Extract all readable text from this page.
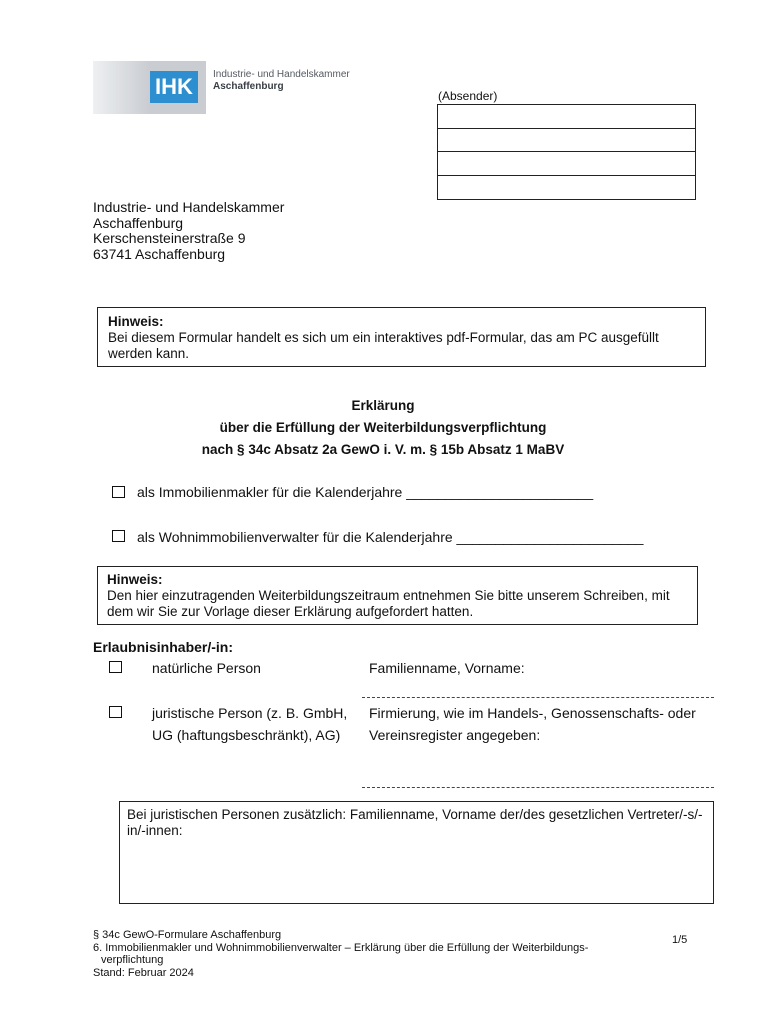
IHK	Industrie- und Handelskammer
Aschaffenburg
(Absender)
Industrie- und Handelskammer
Aschaffenburg
Kerschensteinerstraße 9
63741 Aschaffenburg
Hinweis:
Bei diesem Formular handelt es sich um ein interaktives pdf-Formular, das am PC ausgefüllt werden kann.
Erklärung
über die Erfüllung der Weiterbildungsverpflichtung
nach § 34c Absatz 2a GewO i. V. m. § 15b Absatz 1 MaBV
als Immobilienmakler für die Kalenderjahre ________________________
als Wohnimmobilienverwalter für die Kalenderjahre ________________________
Hinweis:
Den hier einzutragenden Weiterbildungszeitraum entnehmen Sie bitte unserem Schreiben, mit dem wir Sie zur Vorlage dieser Erklärung aufgefordert hatten.
Erlaubnisinhaber/-in:
natürliche Person	Familienname, Vorname:
juristische Person (z. B. GmbH,
UG (haftungsbeschränkt), AG)
Firmierung, wie im Handels-, Genossenschafts- oder
Vereinsregister angegeben:
Bei juristischen Personen zusätzlich: Familienname, Vorname der/des gesetzlichen Vertreter/-s/-in/-innen:
§ 34c GewO-Formulare Aschaffenburg
6. Immobilienmakler und Wohnimmobilienverwalter – Erklärung über die Erfüllung der Weiterbildungs-
verpflichtung
Stand: Februar 2024
1/5
